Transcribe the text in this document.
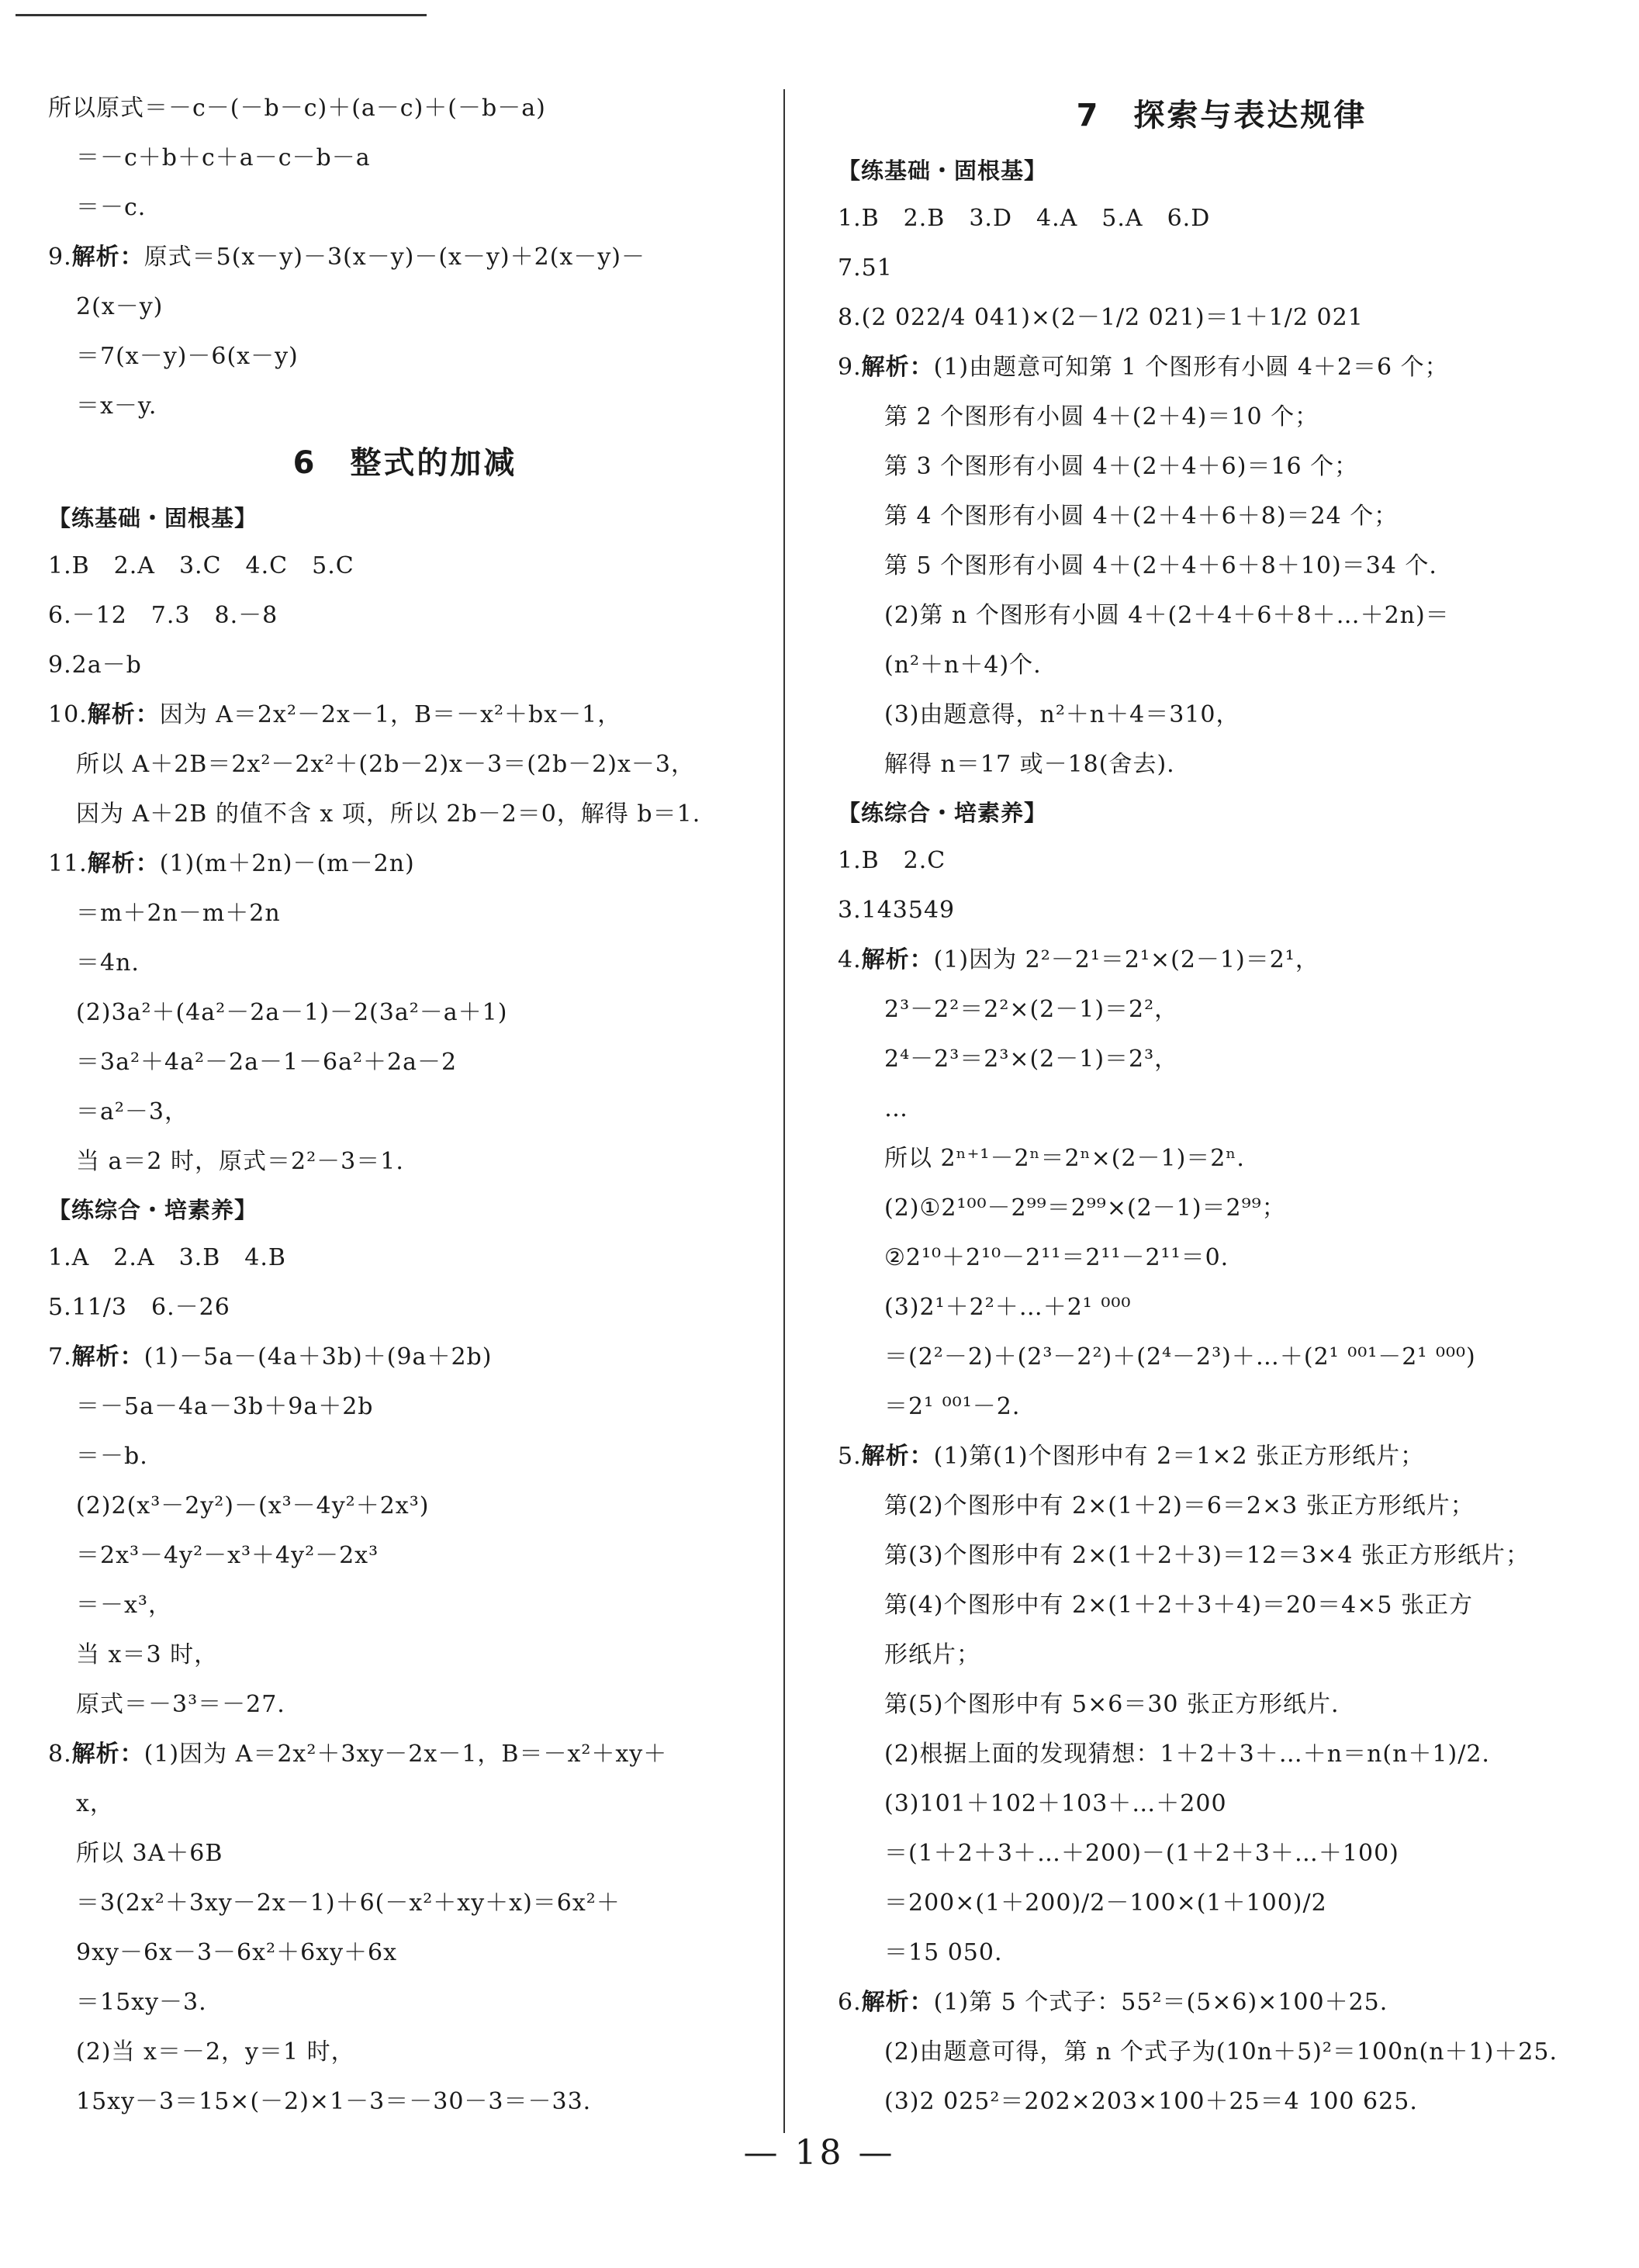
所以原式＝－c－(－b－c)＋(a－c)＋(－b－a)
＝－c＋b＋c＋a－c－b－a
＝－c.
9.解析：原式＝5(x－y)－3(x－y)－(x－y)＋2(x－y)－
2(x－y)
＝7(x－y)－6(x－y)
＝x－y.
6　整式的加减
【练基础・固根基】
1.B　2.A　3.C　4.C　5.C
6.－12　7.3　8.－8
9.2a－b
10.解析：因为 A＝2x²－2x－1，B＝－x²＋bx－1，
所以 A＋2B＝2x²－2x²＋(2b－2)x－3＝(2b－2)x－3，
因为 A＋2B 的值不含 x 项，所以 2b－2＝0，解得 b＝1.
11.解析：(1)(m＋2n)－(m－2n)
＝m＋2n－m＋2n
＝4n.
(2)3a²＋(4a²－2a－1)－2(3a²－a＋1)
＝3a²＋4a²－2a－1－6a²＋2a－2
＝a²－3，
当 a＝2 时，原式＝2²－3＝1.
【练综合・培素养】
1.A　2.A　3.B　4.B
5.11/3　6.－26
7.解析：(1)－5a－(4a＋3b)＋(9a＋2b)
＝－5a－4a－3b＋9a＋2b
＝－b.
(2)2(x³－2y²)－(x³－4y²＋2x³)
＝2x³－4y²－x³＋4y²－2x³
＝－x³，
当 x＝3 时，
原式＝－3³＝－27.
8.解析：(1)因为 A＝2x²＋3xy－2x－1，B＝－x²＋xy＋
x，
所以 3A＋6B
＝3(2x²＋3xy－2x－1)＋6(－x²＋xy＋x)＝6x²＋
9xy－6x－3－6x²＋6xy＋6x
＝15xy－3.
(2)当 x＝－2，y＝1 时，
15xy－3＝15×(－2)×1－3＝－30－3＝－33.
7　探索与表达规律
【练基础・固根基】
1.B　2.B　3.D　4.A　5.A　6.D
7.51
8.(2 022/4 041)×(2－1/2 021)＝1＋1/2 021
9.解析：(1)由题意可知第 1 个图形有小圆 4＋2＝6 个；
第 2 个图形有小圆 4＋(2＋4)＝10 个；
第 3 个图形有小圆 4＋(2＋4＋6)＝16 个；
第 4 个图形有小圆 4＋(2＋4＋6＋8)＝24 个；
第 5 个图形有小圆 4＋(2＋4＋6＋8＋10)＝34 个.
(2)第 n 个图形有小圆 4＋(2＋4＋6＋8＋…＋2n)＝
(n²＋n＋4)个.
(3)由题意得，n²＋n＋4＝310，
解得 n＝17 或－18(舍去).
【练综合・培素养】
1.B　2.C
3.143549
4.解析：(1)因为 2²－2¹＝2¹×(2－1)＝2¹，
2³－2²＝2²×(2－1)＝2²，
2⁴－2³＝2³×(2－1)＝2³，
…
所以 2ⁿ⁺¹－2ⁿ＝2ⁿ×(2－1)＝2ⁿ.
(2)①2¹⁰⁰－2⁹⁹＝2⁹⁹×(2－1)＝2⁹⁹；
②2¹⁰＋2¹⁰－2¹¹＝2¹¹－2¹¹＝0.
(3)2¹＋2²＋…＋2¹ ⁰⁰⁰
＝(2²－2)＋(2³－2²)＋(2⁴－2³)＋…＋(2¹ ⁰⁰¹－2¹ ⁰⁰⁰)
＝2¹ ⁰⁰¹－2.
5.解析：(1)第(1)个图形中有 2＝1×2 张正方形纸片；
第(2)个图形中有 2×(1＋2)＝6＝2×3 张正方形纸片；
第(3)个图形中有 2×(1＋2＋3)＝12＝3×4 张正方形纸片；
第(4)个图形中有 2×(1＋2＋3＋4)＝20＝4×5 张正方
形纸片；
第(5)个图形中有 5×6＝30 张正方形纸片.
(2)根据上面的发现猜想：1＋2＋3＋…＋n＝n(n＋1)/2.
(3)101＋102＋103＋…＋200
＝(1＋2＋3＋…＋200)－(1＋2＋3＋…＋100)
＝200×(1＋200)/2－100×(1＋100)/2
＝15 050.
6.解析：(1)第 5 个式子：55²＝(5×6)×100＋25.
(2)由题意可得，第 n 个式子为(10n＋5)²＝100n(n＋1)＋25.
(3)2 025²＝202×203×100＋25＝4 100 625.
— 18 —
